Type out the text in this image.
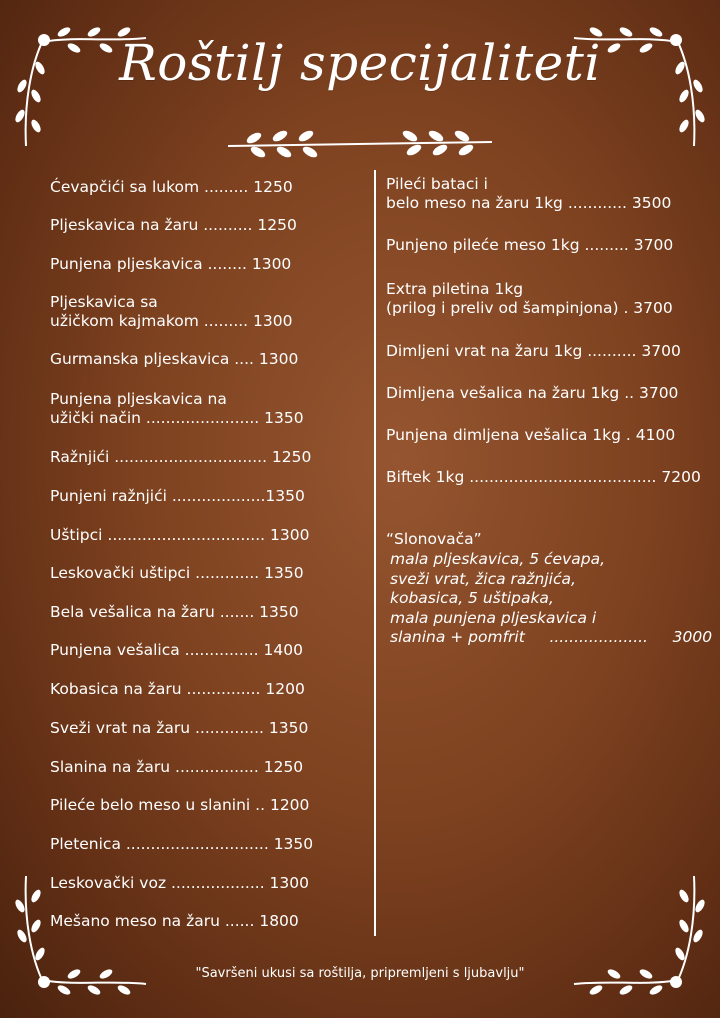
Roštilj specijaliteti
Ćevapčići sa lukom ......... 1250
Pljeskavica na žaru .......... 1250
Punjena pljeskavica ........ 1300
Pljeskavica sa
užičkom kajmakom ......... 1300
Gurmanska pljeskavica .... 1300
Punjena pljeskavica na
užički način ....................... 1350
Ražnjići ............................... 1250
Punjeni ražnjići ...................1350
Uštipci ................................ 1300
Leskovački uštipci ............. 1350
Bela vešalica na žaru ....... 1350
Punjena vešalica ............... 1400
Kobasica na žaru ............... 1200
Sveži vrat na žaru .............. 1350
Slanina na žaru ................. 1250
Pileće belo meso u slanini .. 1200
Pletenica ............................. 1350
Leskovački voz ................... 1300
Mešano meso na žaru ...... 1800
Pileći bataci i
belo meso na žaru 1kg ............ 3500
Punjeno pileće meso 1kg ......... 3700
Extra piletina 1kg
(prilog i preliv od šampinjona) . 3700
Dimljeni vrat na žaru 1kg .......... 3700
Dimljena vešalica na žaru 1kg .. 3700
Punjena dimljena vešalica 1kg . 4100
Biftek 1kg ...................................... 7200
“Slonovača”
mala pljeskavica, 5 ćevapa,
sveži vrat, žica ražnjića,
kobasica, 5 uštipaka,
mala punjena pljeskavica i
slanina + pomfrit     ....................     3000
"Savršeni ukusi sa roštilja, pripremljeni s ljubavlju"
